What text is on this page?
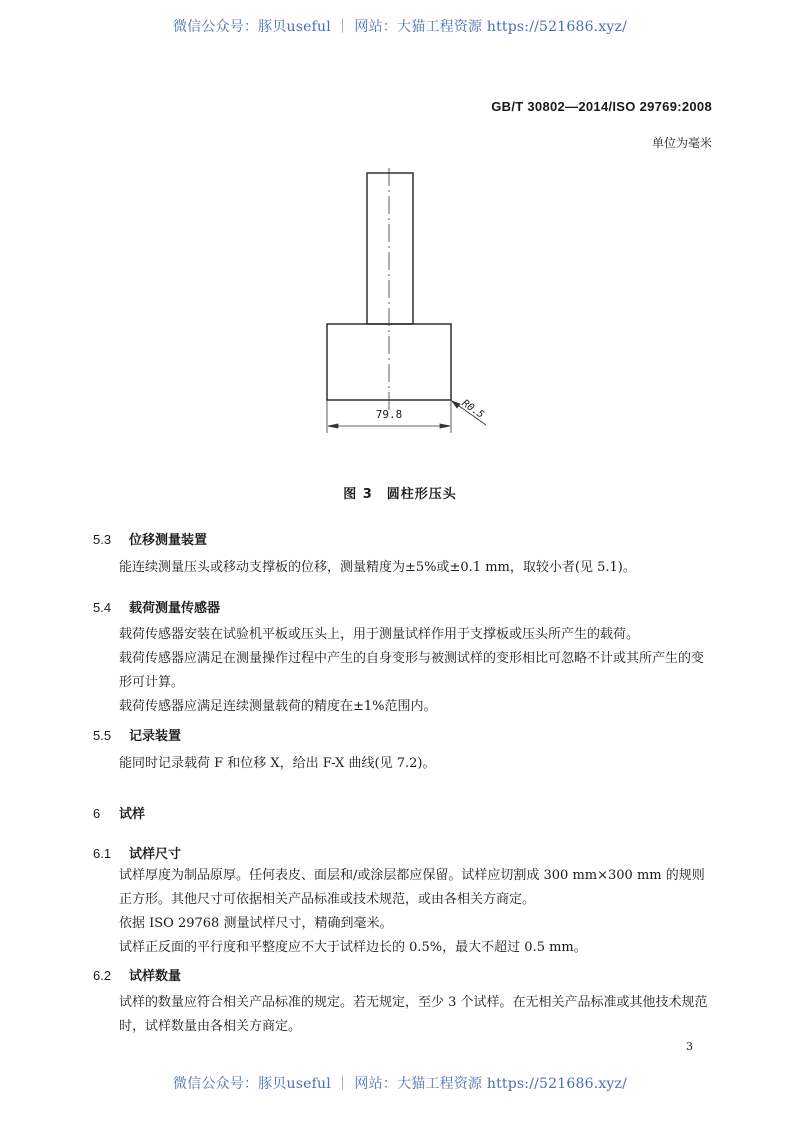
微信公众号：豚贝useful ｜ 网站：大猫工程资源 https://521686.xyz/
GB/T 30802—2014/ISO 29769:2008
单位为毫米
79.8	R0.5
图 3　圆柱形压头
5.3 位移测量装置
能连续测量压头或移动支撑板的位移，测量精度为±5%或±0.1 mm，取较小者(见 5.1)。
5.4 载荷测量传感器
载荷传感器安装在试验机平板或压头上，用于测量试样作用于支撑板或压头所产生的载荷。
载荷传感器应满足在测量操作过程中产生的自身变形与被测试样的变形相比可忽略不计或其所产生的变形可计算。
载荷传感器应满足连续测量载荷的精度在±1%范围内。
5.5 记录装置
能同时记录载荷 F 和位移 X，给出 F-X 曲线(见 7.2)。
6 试样
6.1 试样尺寸
试样厚度为制品原厚。任何表皮、面层和/或涂层都应保留。试样应切割成 300 mm×300 mm 的规则正方形。其他尺寸可依据相关产品标准或技术规范，或由各相关方商定。
依据 ISO 29768 测量试样尺寸，精确到毫米。
试样正反面的平行度和平整度应不大于试样边长的 0.5%，最大不超过 0.5 mm。
6.2 试样数量
试样的数量应符合相关产品标准的规定。若无规定，至少 3 个试样。在无相关产品标准或其他技术规范时，试样数量由各相关方商定。
3
微信公众号：豚贝useful ｜ 网站：大猫工程资源 https://521686.xyz/
